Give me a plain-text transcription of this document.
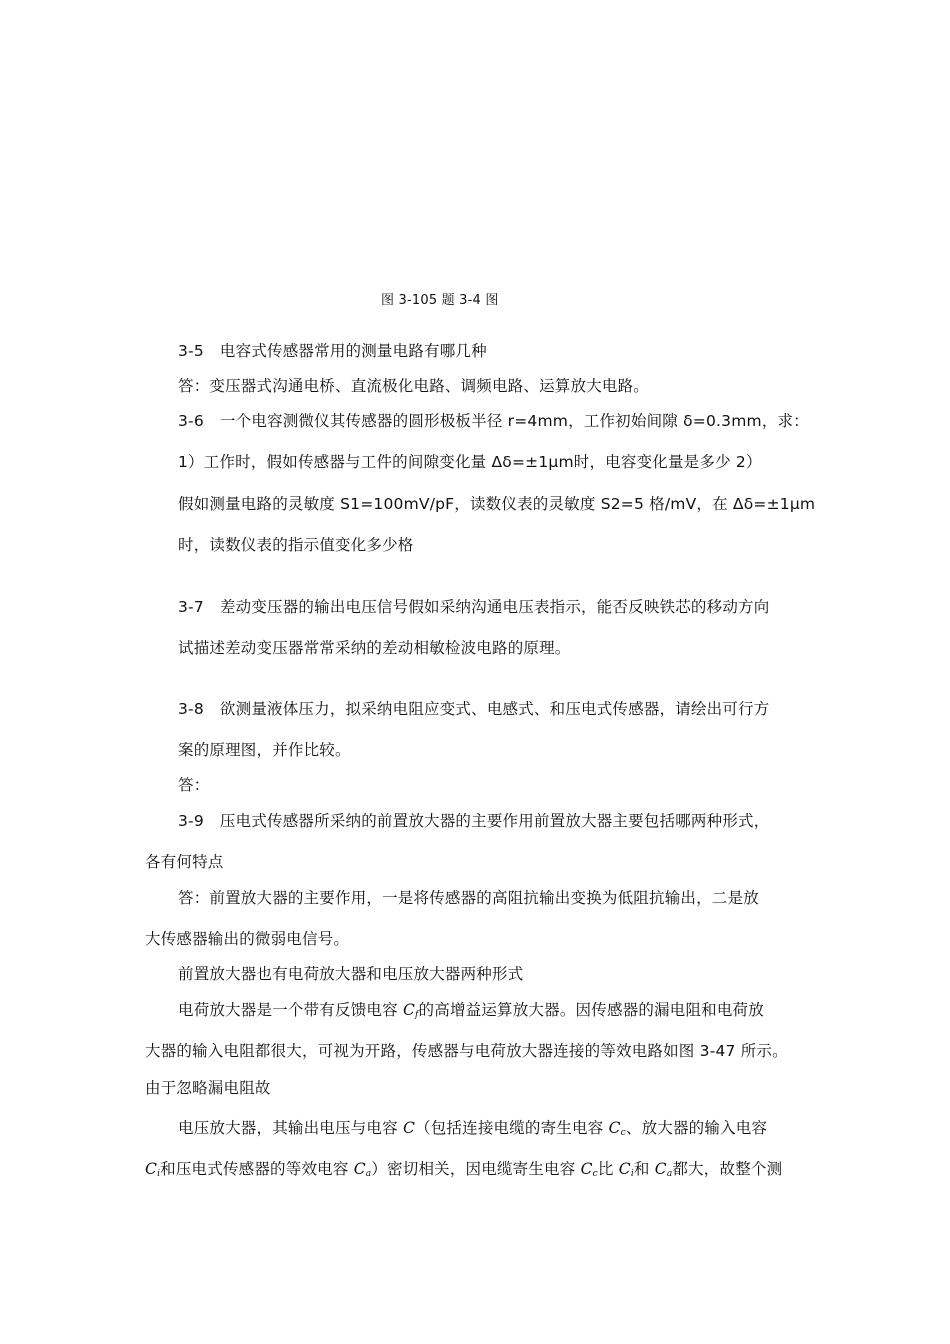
图 3-105 题 3-4 图
3-5 电容式传感器常用的测量电路有哪几种
答：变压器式沟通电桥、直流极化电路、调频电路、运算放大电路。
3-6 一个电容测微仪其传感器的圆形极板半径 r=4mm，工作初始间隙 δ=0.3mm，求：
1）工作时，假如传感器与工件的间隙变化量 Δδ=±1μm时，电容变化量是多少 2）
假如测量电路的灵敏度 S1=100mV/pF，读数仪表的灵敏度 S2=5 格/mV，在 Δδ=±1μm
时，读数仪表的指示值变化多少格
3-7 差动变压器的输出电压信号假如采纳沟通电压表指示，能否反映铁芯的移动方向
试描述差动变压器常常采纳的差动相敏检波电路的原理。
3-8 欲测量液体压力，拟采纳电阻应变式、电感式、和压电式传感器，请绘出可行方
案的原理图，并作比较。
答：
3-9 压电式传感器所采纳的前置放大器的主要作用前置放大器主要包括哪两种形式，
各有何特点
答：前置放大器的主要作用，一是将传感器的高阻抗输出变换为低阻抗输出，二是放
大传感器输出的微弱电信号。
前置放大器也有电荷放大器和电压放大器两种形式
电荷放大器是一个带有反馈电容 $C_f$的高增益运算放大器。因传感器的漏电阻和电荷放
大器的输入电阻都很大，可视为开路，传感器与电荷放大器连接的等效电路如图 3-47 所示。
由于忽略漏电阻故
电压放大器，其输出电压与电容 C（包括连接电缆的寄生电容 $C_c$、放大器的输入电容
$C_i$和压电式传感器的等效电容 $C_a$）密切相关，因电缆寄生电容 $C_c$比 $C_i$和 $C_a$都大，故整个测
